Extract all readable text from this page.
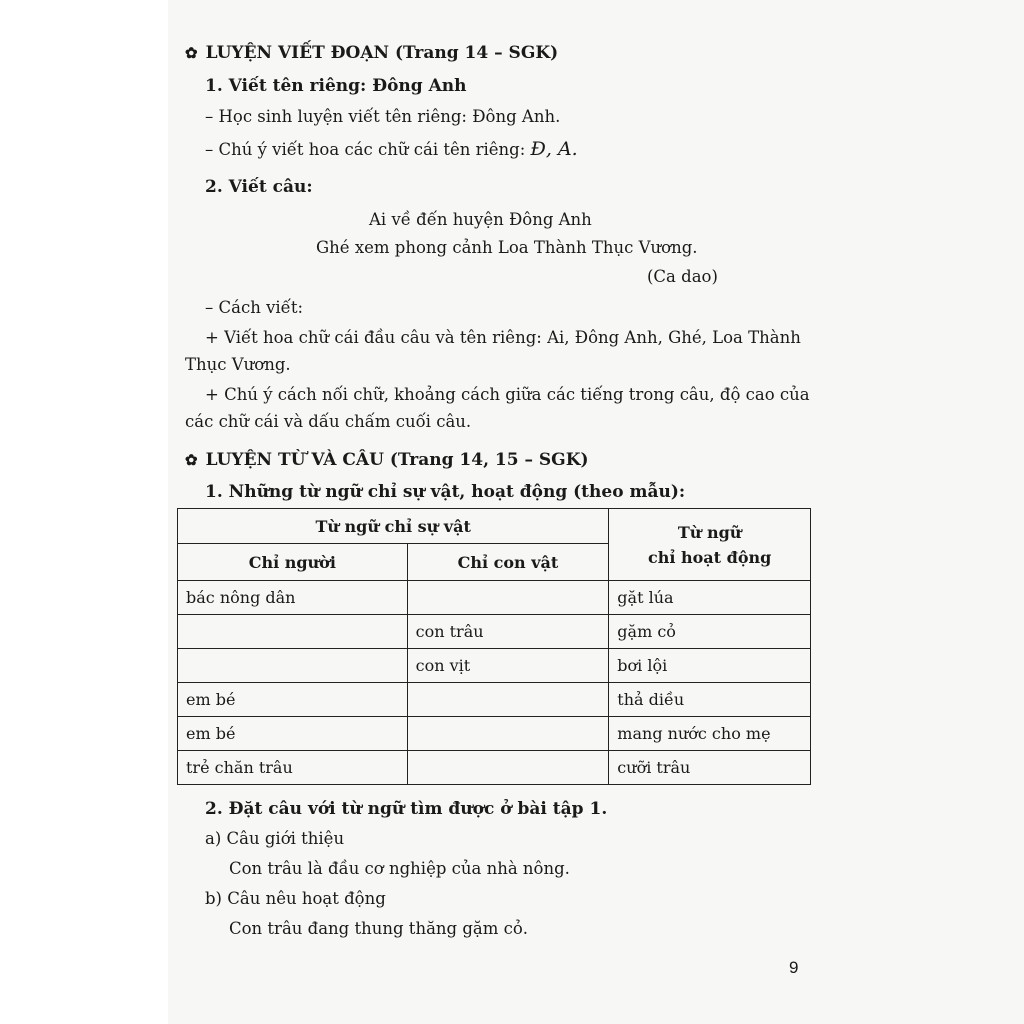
✿ LUYỆN VIẾT ĐOẠN (Trang 14 – SGK)
1. Viết tên riêng: Đông Anh
– Học sinh luyện viết tên riêng: Đông Anh.
– Chú ý viết hoa các chữ cái tên riêng: Đ, A.
2. Viết câu:
Ai về đến huyện Đông Anh
Ghé xem phong cảnh Loa Thành Thục Vương.
(Ca dao)
– Cách viết:
+ Viết hoa chữ cái đầu câu và tên riêng: Ai, Đông Anh, Ghé, Loa Thành
Thục Vương.
+ Chú ý cách nối chữ, khoảng cách giữa các tiếng trong câu, độ cao của
các chữ cái và dấu chấm cuối câu.
✿ LUYỆN TỪ VÀ CÂU (Trang 14, 15 – SGK)
1. Những từ ngữ chỉ sự vật, hoạt động (theo mẫu):
Từ ngữ chỉ sự vật		Từ ngữ
chỉ hoạt động

Chỉ người	Chỉ con vật	
bác nông dân		gặt lúa
	con trâu	gặm cỏ
	con vịt	bơi lội
em bé		thả diều
em bé		mang nước cho mẹ
trẻ chăn trâu		cưỡi trâu
2. Đặt câu với từ ngữ tìm được ở bài tập 1.
a) Câu giới thiệu
Con trâu là đầu cơ nghiệp của nhà nông.
b) Câu nêu hoạt động
Con trâu đang thung thăng gặm cỏ.
9
